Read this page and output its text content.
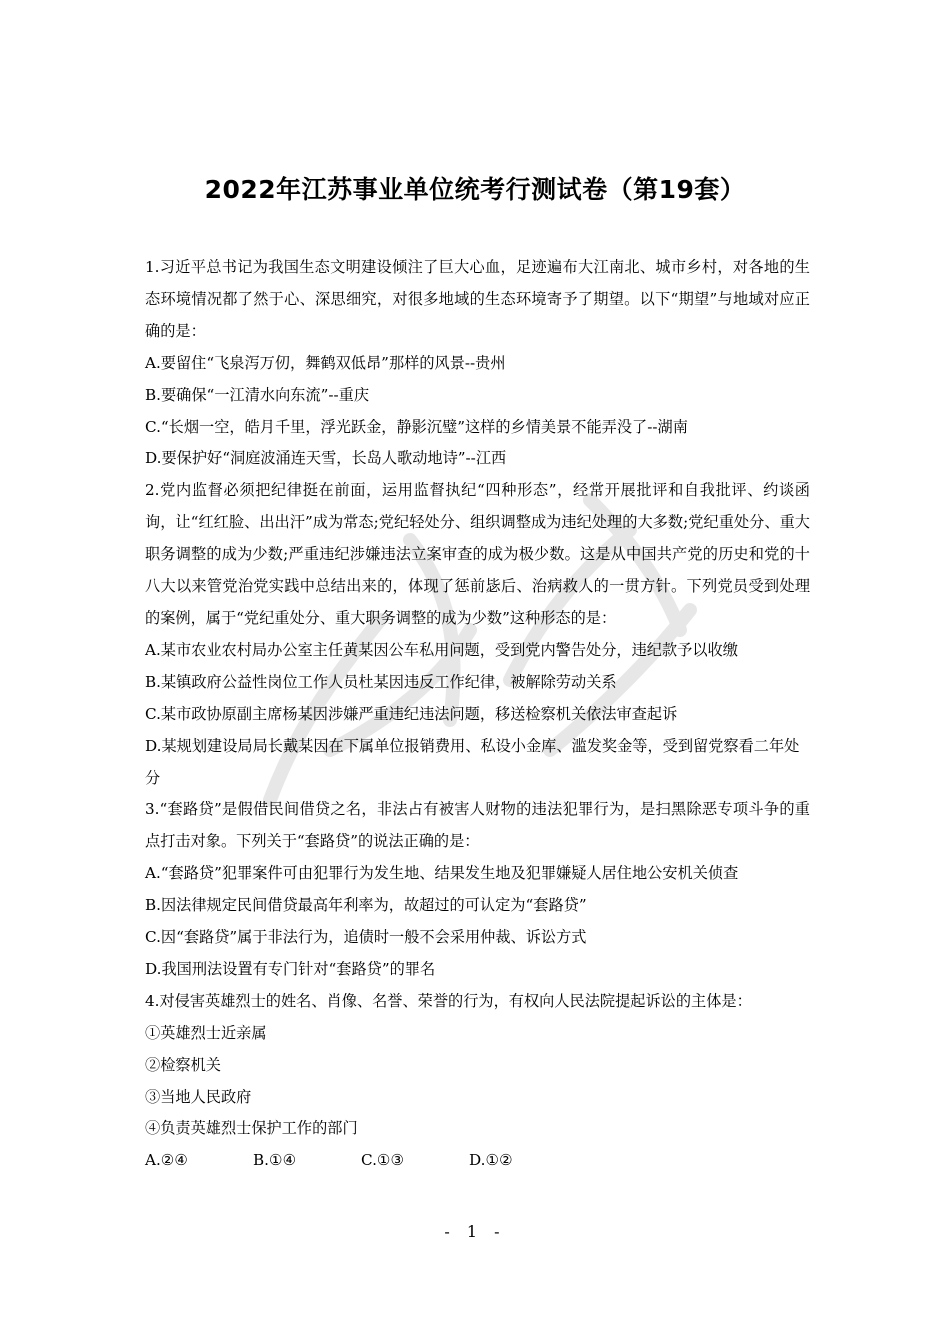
2022年江苏事业单位统考行测试卷（第19套）

1.习近平总书记为我国生态文明建设倾注了巨大心血，足迹遍布大江南北、城市乡村，对各地的生态环境情况都了然于心、深思细究，对很多地域的生态环境寄予了期望。以下“期望”与地域对应正确的是：

A.要留住“飞泉泻万仞，舞鹤双低昂”那样的风景--贵州

B.要确保“一江清水向东流”--重庆

C.“长烟一空，皓月千里，浮光跃金，静影沉璧”这样的乡情美景不能弄没了--湖南

D.要保护好“洞庭波涌连天雪，长岛人歌动地诗”--江西

2.党内监督必须把纪律挺在前面，运用监督执纪“四种形态”，经常开展批评和自我批评、约谈函询，让“红红脸、出出汗”成为常态;党纪轻处分、组织调整成为违纪处理的大多数;党纪重处分、重大职务调整的成为少数;严重违纪涉嫌违法立案审查的成为极少数。这是从中国共产党的历史和党的十八大以来管党治党实践中总结出来的，体现了惩前毖后、治病救人的一贯方针。下列党员受到处理的案例，属于“党纪重处分、重大职务调整的成为少数”这种形态的是：

A.某市农业农村局办公室主任黄某因公车私用问题，受到党内警告处分，违纪款予以收缴

B.某镇政府公益性岗位工作人员杜某因违反工作纪律，被解除劳动关系

C.某市政协原副主席杨某因涉嫌严重违纪违法问题，移送检察机关依法审查起诉

D.某规划建设局局长戴某因在下属单位报销费用、私设小金库、滥发奖金等，受到留党察看二年处分

3.“套路贷”是假借民间借贷之名，非法占有被害人财物的违法犯罪行为，是扫黑除恶专项斗争的重点打击对象。下列关于“套路贷”的说法正确的是：

A.“套路贷”犯罪案件可由犯罪行为发生地、结果发生地及犯罪嫌疑人居住地公安机关侦查

B.因法律规定民间借贷最高年利率为，故超过的可认定为“套路贷”

C.因“套路贷”属于非法行为，追债时一般不会采用仲裁、诉讼方式

D.我国刑法设置有专门针对“套路贷”的罪名

4.对侵害英雄烈士的姓名、肖像、名誉、荣誉的行为，有权向人民法院提起诉讼的主体是：

①英雄烈士近亲属

②检察机关

③当地人民政府

④负责英雄烈士保护工作的部门

A.②④	B.①④	C.①③	D.①②

- 1 -
